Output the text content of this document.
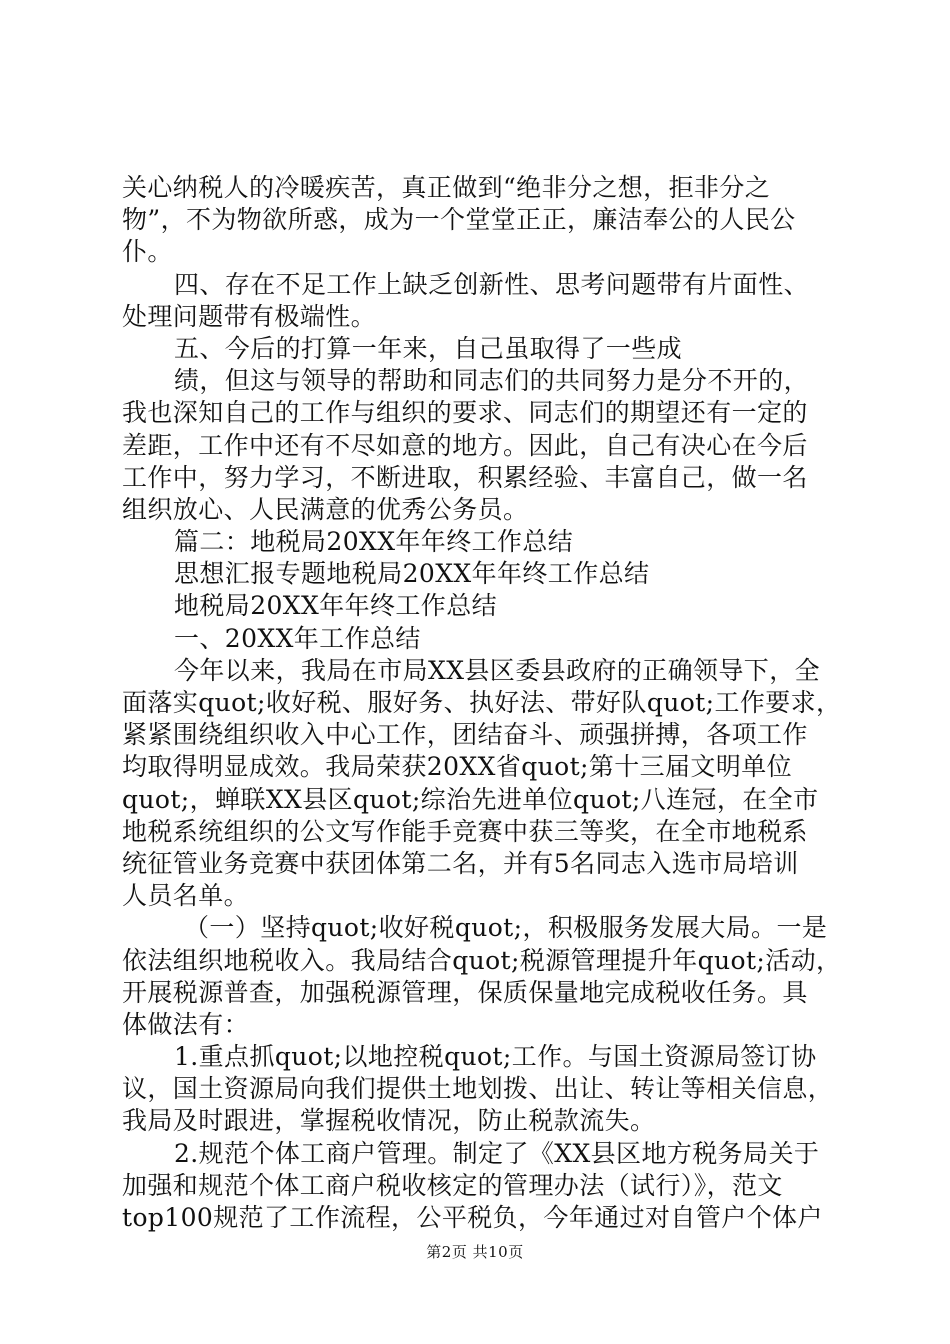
关心纳税人的冷暖疾苦，真正做到“绝非分之想，拒非分之
物”，不为物欲所惑，成为一个堂堂正正，廉洁奉公的人民公
仆。
四、存在不足工作上缺乏创新性、思考问题带有片面性、
处理问题带有极端性。
五、今后的打算一年来，自己虽取得了一些成
绩，但这与领导的帮助和同志们的共同努力是分不开的，
我也深知自己的工作与组织的要求、同志们的期望还有一定的
差距，工作中还有不尽如意的地方。因此，自己有决心在今后
工作中，努力学习，不断进取，积累经验、丰富自己，做一名
组织放心、人民满意的优秀公务员。
篇二：地税局20XX年年终工作总结
思想汇报专题地税局20XX年年终工作总结
地税局20XX年年终工作总结
一、20XX年工作总结
今年以来，我局在市局XX县区委县政府的正确领导下，全
面落实quot;收好税、服好务、执好法、带好队quot;工作要求，
紧紧围绕组织收入中心工作，团结奋斗、顽强拼搏，各项工作
均取得明显成效。我局荣获20XX省quot;第十三届文明单位
quot;，蝉联XX县区quot;综治先进单位quot;八连冠，在全市
地税系统组织的公文写作能手竞赛中获三等奖，在全市地税系
统征管业务竞赛中获团体第二名，并有5名同志入选市局培训
人员名单。
（一）坚持quot;收好税quot;，积极服务发展大局。一是
依法组织地税收入。我局结合quot;税源管理提升年quot;活动，
开展税源普查，加强税源管理，保质保量地完成税收任务。具
体做法有：
1.重点抓quot;以地控税quot;工作。与国土资源局签订协
议，国土资源局向我们提供土地划拨、出让、转让等相关信息，
我局及时跟进，掌握税收情况，防止税款流失。
2.规范个体工商户管理。制定了《XX县区地方税务局关于
加强和规范个体工商户税收核定的管理办法（试行）》，范文
top100规范了工作流程，公平税负，今年通过对自管户个体户
第2页 共10页
